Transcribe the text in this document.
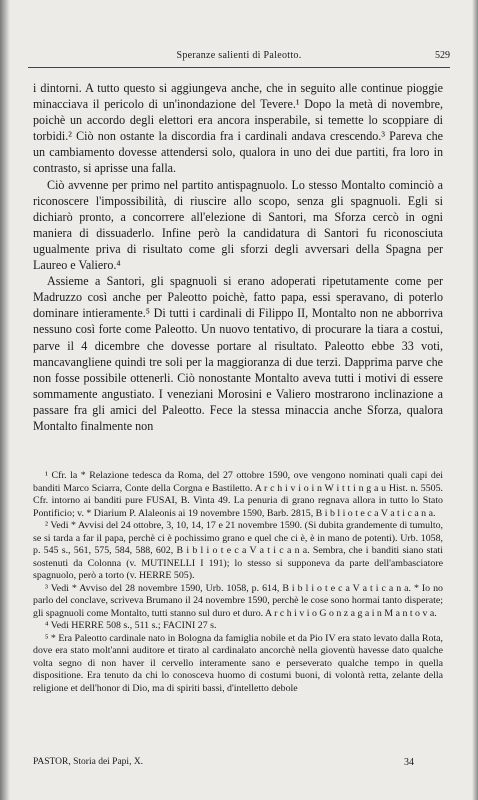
Speranze salienti di Paleotto.	529

i dintorni. A tutto questo si aggiungeva anche, che in seguito alle continue pioggie minacciava il pericolo di un'inondazione del Tevere.¹ Dopo la metà di novembre, poichè un accordo degli elettori era ancora insperabile, si temette lo scoppiare di torbidi.² Ciò non ostante la discordia fra i cardinali andava crescendo.³ Pareva che un cambiamento dovesse attendersi solo, qualora in uno dei due partiti, fra loro in contrasto, si aprisse una falla.

Ciò avvenne per primo nel partito antispagnuolo. Lo stesso Montalto cominciò a riconoscere l'impossibilità, di riuscire allo scopo, senza gli spagnuoli. Egli si dichiarò pronto, a concorrere all'elezione di Santori, ma Sforza cercò in ogni maniera di dissuaderlo. Infine però la candidatura di Santori fu riconosciuta ugualmente priva di risultato come gli sforzi degli avversari della Spagna per Laureo e Valiero.⁴

Assieme a Santori, gli spagnuoli si erano adoperati ripetutamente come per Madruzzo così anche per Paleotto poichè, fatto papa, essi speravano, di poterlo dominare intieramente.⁵ Di tutti i cardinali di Filippo II, Montalto non ne abborriva nessuno così forte come Paleotto. Un nuovo tentativo, di procurare la tiara a costui, parve il 4 dicembre che dovesse portare al risultato. Paleotto ebbe 33 voti, mancavangliene quindi tre soli per la maggioranza di due terzi. Dapprima parve che non fosse possibile ottenerli. Ciò nonostante Montalto aveva tutti i motivi di essere sommamente angustiato. I veneziani Morosini e Valiero mostrarono inclinazione a passare fra gli amici del Paleotto. Fece la stessa minaccia anche Sforza, qualora Montalto finalmente non

¹ Cfr. la * Relazione tedesca da Roma, del 27 ottobre 1590, ove vengono nominati quali capi dei banditi Marco Sciarra, Conte della Corgna e Bastiletto. A r c h i v i o i n W i t t i n g a u Hist. n. 5505. Cfr. intorno ai banditi pure FUSAI, B. Vinta 49. La penuria di grano regnava allora in tutto lo Stato Pontificio; v. * Diarium P. Alaleonis ai 19 novembre 1590, Barb. 2815, B i b l i o t e c a V a t i c a n a.

² Vedi * Avvisi del 24 ottobre, 3, 10, 14, 17 e 21 novembre 1590. (Si dubita grandemente di tumulto, se si tarda a far il papa, perchè ci è pochissimo grano e quel che ci è, è in mano de potenti). Urb. 1058, p. 545 s., 561, 575, 584, 588, 602, B i b l i o t e c a V a t i c a n a. Sembra, che i banditi siano stati sostenuti da Colonna (v. MUTINELLI I 191); lo stesso si supponeva da parte dell'ambasciatore spagnuolo, però a torto (v. HERRE 505).

³ Vedi * Avviso del 28 novembre 1590, Urb. 1058, p. 614, B i b l i o t e c a V a t i c a n a. * Io no parlo del conclave, scriveva Brumano il 24 novembre 1590, perchè le cose sono hormai tanto disperate; gli spagnuoli come Montalto, tutti stanno sul duro et duro. A r c h i v i o G o n z a g a i n M a n t o v a.

⁴ Vedi HERRE 508 s., 511 s.; FACINI 27 s.

⁵ * Era Paleotto cardinale nato in Bologna da famiglia nobile et da Pio IV era stato levato dalla Rota, dove era stato molt'anni auditore et tirato al cardinalato ancorchè nella gioventù havesse dato qualche volta segno di non haver il cervello interamente sano e perseverato qualche tempo in quella dispositione. Era tenuto da chi lo conosceva huomo di costumi buoni, di volontà retta, zelante della religione et dell'honor di Dio, ma di spiriti bassi, d'intelletto debole

PASTOR, Storia dei Papi, X.	34
